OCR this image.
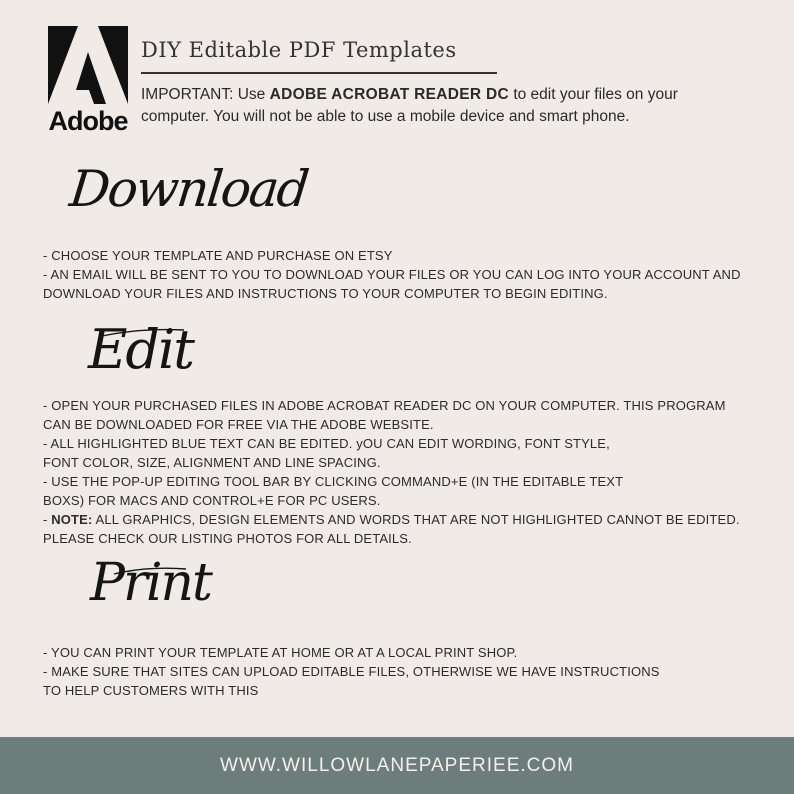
Adobe
DIY Editable PDF Templates
IMPORTANT: Use ADOBE ACROBAT READER DC to edit your files on your computer. You will not be able to use a mobile device and smart phone.
Download
- CHOOSE YOUR TEMPLATE AND PURCHASE ON ETSY
- AN EMAIL WILL BE SENT TO YOU TO DOWNLOAD YOUR FILES OR YOU CAN LOG INTO YOUR ACCOUNT AND
DOWNLOAD YOUR FILES AND INSTRUCTIONS TO YOUR COMPUTER TO BEGIN EDITING.
Edit
- OPEN YOUR PURCHASED FILES IN ADOBE ACROBAT READER DC ON YOUR COMPUTER. THIS PROGRAM
CAN BE DOWNLOADED FOR FREE VIA THE ADOBE WEBSITE.
- ALL HIGHLIGHTED BLUE TEXT CAN BE EDITED. yOU CAN EDIT WORDING, FONT STYLE,
FONT COLOR, SIZE, ALIGNMENT AND LINE SPACING.
- USE THE POP-UP EDITING TOOL BAR BY CLICKING COMMAND+E (IN THE EDITABLE TEXT
BOXS) FOR MACS AND CONTROL+E FOR PC USERS.
- NOTE: ALL GRAPHICS, DESIGN ELEMENTS AND WORDS THAT ARE NOT HIGHLIGHTED CANNOT BE EDITED.
PLEASE CHECK OUR LISTING PHOTOS FOR ALL DETAILS.
Print
- YOU CAN PRINT YOUR TEMPLATE AT HOME OR AT A LOCAL PRINT SHOP.
- MAKE SURE THAT SITES CAN UPLOAD EDITABLE FILES, OTHERWISE WE HAVE INSTRUCTIONS
TO HELP CUSTOMERS WITH THIS
WWW.WILLOWLANEPAPERIEE.COM
